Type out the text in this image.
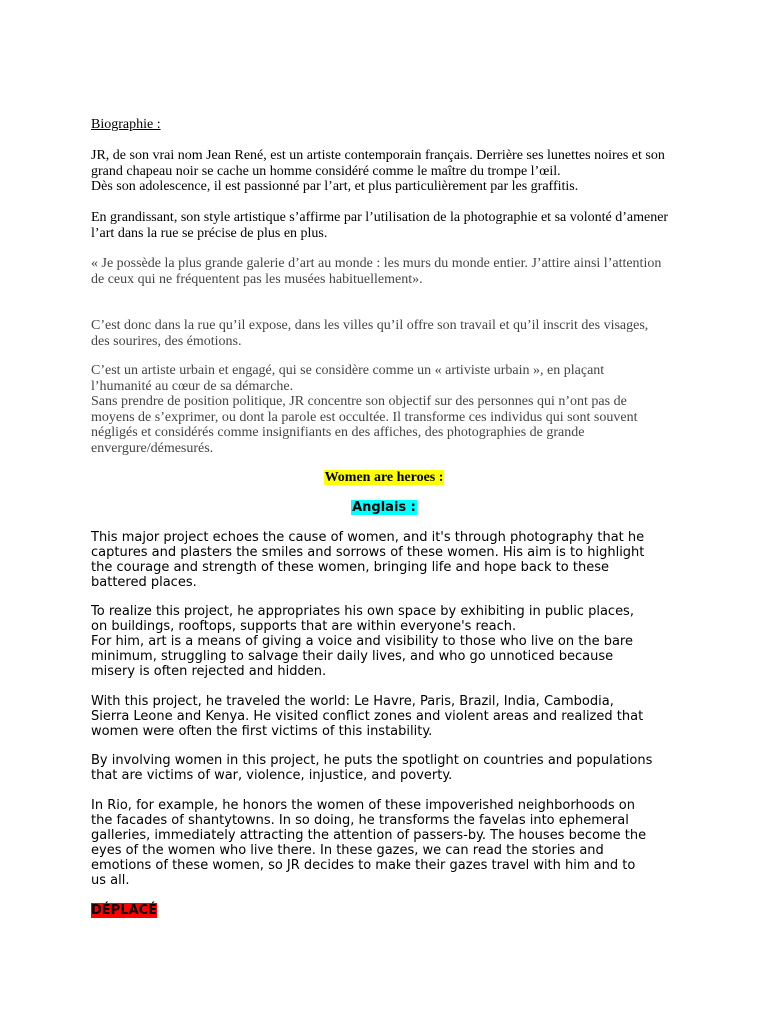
Biographie :
JR, de son vrai nom Jean René, est un artiste contemporain français. Derrière ses lunettes noires et son
grand chapeau noir se cache un homme considéré comme le maître du trompe l’œil.
Dès son adolescence, il est passionné par l’art, et plus particulièrement par les graffitis.
En grandissant, son style artistique s’affirme par l’utilisation de la photographie et sa volonté d’amener
l’art dans la rue se précise de plus en plus.
« Je possède la plus grande galerie d’art au monde : les murs du monde entier. J’attire ainsi l’attention
de ceux qui ne fréquentent pas les musées habituellement».
C’est donc dans la rue qu’il expose, dans les villes qu’il offre son travail et qu’il inscrit des visages,
des sourires, des émotions.
C’est un artiste urbain et engagé, qui se considère comme un « artiviste urbain », en plaçant
l’humanité au cœur de sa démarche.
Sans prendre de position politique, JR concentre son objectif sur des personnes qui n’ont pas de
moyens de s’exprimer, ou dont la parole est occultée. Il transforme ces individus qui sont souvent
négligés et considérés comme insignifiants en des affiches, des photographies de grande
envergure/démesurés.
Women are heroes :
Anglais :
This major project echoes the cause of women, and it's through photography that he
captures and plasters the smiles and sorrows of these women. His aim is to highlight
the courage and strength of these women, bringing life and hope back to these
battered places.
To realize this project, he appropriates his own space by exhibiting in public places,
on buildings, rooftops, supports that are within everyone's reach.
For him, art is a means of giving a voice and visibility to those who live on the bare
minimum, struggling to salvage their daily lives, and who go unnoticed because
misery is often rejected and hidden.
With this project, he traveled the world: Le Havre, Paris, Brazil, India, Cambodia,
Sierra Leone and Kenya. He visited conflict zones and violent areas and realized that
women were often the first victims of this instability.
By involving women in this project, he puts the spotlight on countries and populations
that are victims of war, violence, injustice, and poverty.
In Rio, for example, he honors the women of these impoverished neighborhoods on
the facades of shantytowns. In so doing, he transforms the favelas into ephemeral
galleries, immediately attracting the attention of passers-by. The houses become the
eyes of the women who live there. In these gazes, we can read the stories and
emotions of these women, so JR decides to make their gazes travel with him and to
us all.
DÉPLACÉ
